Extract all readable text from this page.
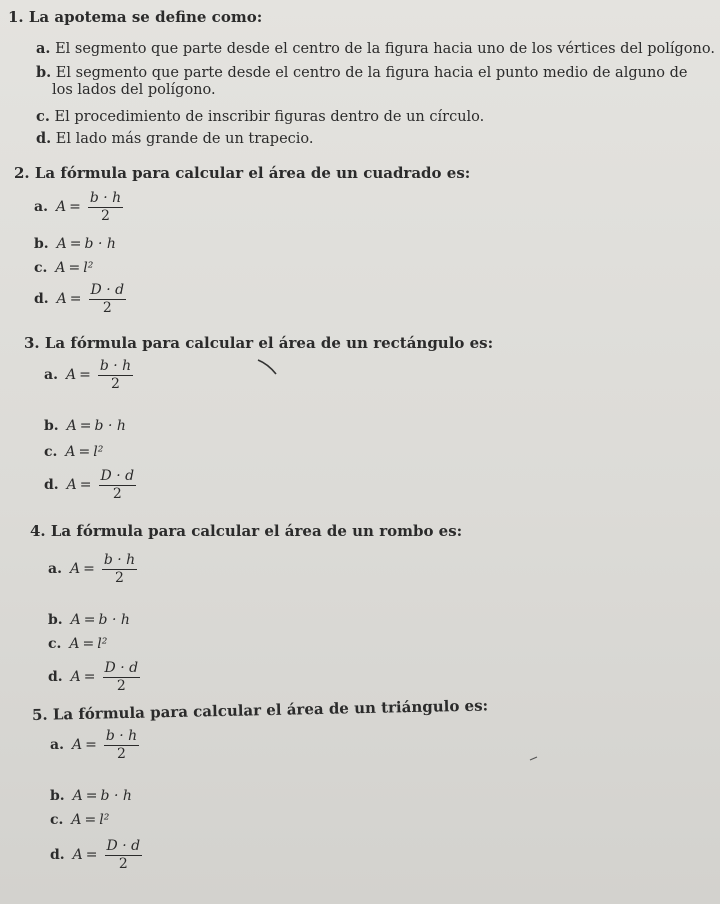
1. La apotema se define como:
a. El segmento que parte desde el centro de la figura hacia uno de los vértices del polígono.
b. El segmento que parte desde el centro de la figura hacia el punto medio de alguno de
los lados del polígono.
c. El procedimiento de inscribir figuras dentro de un círculo.
d. El lado más grande de un trapecio.
2. La fórmula para calcular el área de un cuadrado es:
a. $A = \frac{b \cdot h}{2}$
b. A = b · h
c. A = l²
d. $A = \frac{D \cdot d}{2}$
3. La fórmula para calcular el área de un rectángulo es:
a. $A = \frac{b \cdot h}{2}$
b. A = b · h
c. A = l²
d. $A = \frac{D \cdot d}{2}$
4. La fórmula para calcular el área de un rombo es:
a. $A = \frac{b \cdot h}{2}$
b. A = b · h
c. A = l²
d. $A = \frac{D \cdot d}{2}$
5. La fórmula para calcular el área de un triángulo es:
a. $A = \frac{b \cdot h}{2}$
b. A = b · h
c. A = l²
d. $A = \frac{D \cdot d}{2}$
